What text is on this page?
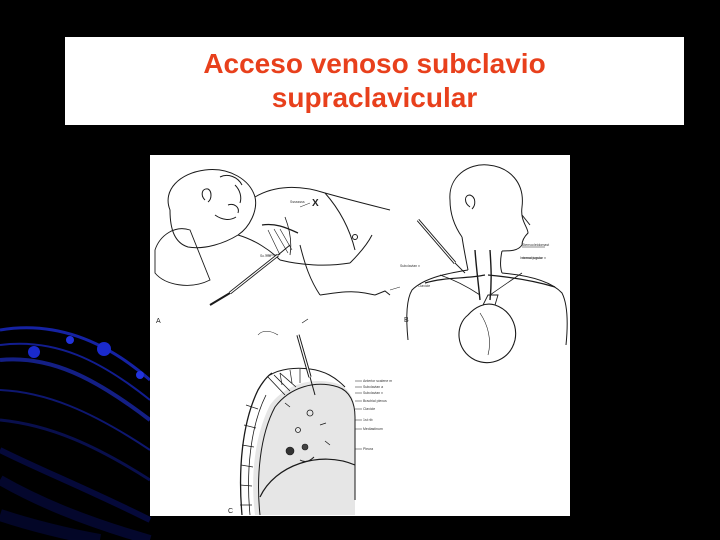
Acceso venoso subclavio
supraclavicular
X
Ssssssss
Sc.-cla
A
Sternocleidomast
Internal jugular v
Subclavian v
Clavicle
B
Anterior scalene m
Subclavian a
Subclavian v
Brachial plexus
Clavicle
1st rib
Mediastinum
Pleura
C
